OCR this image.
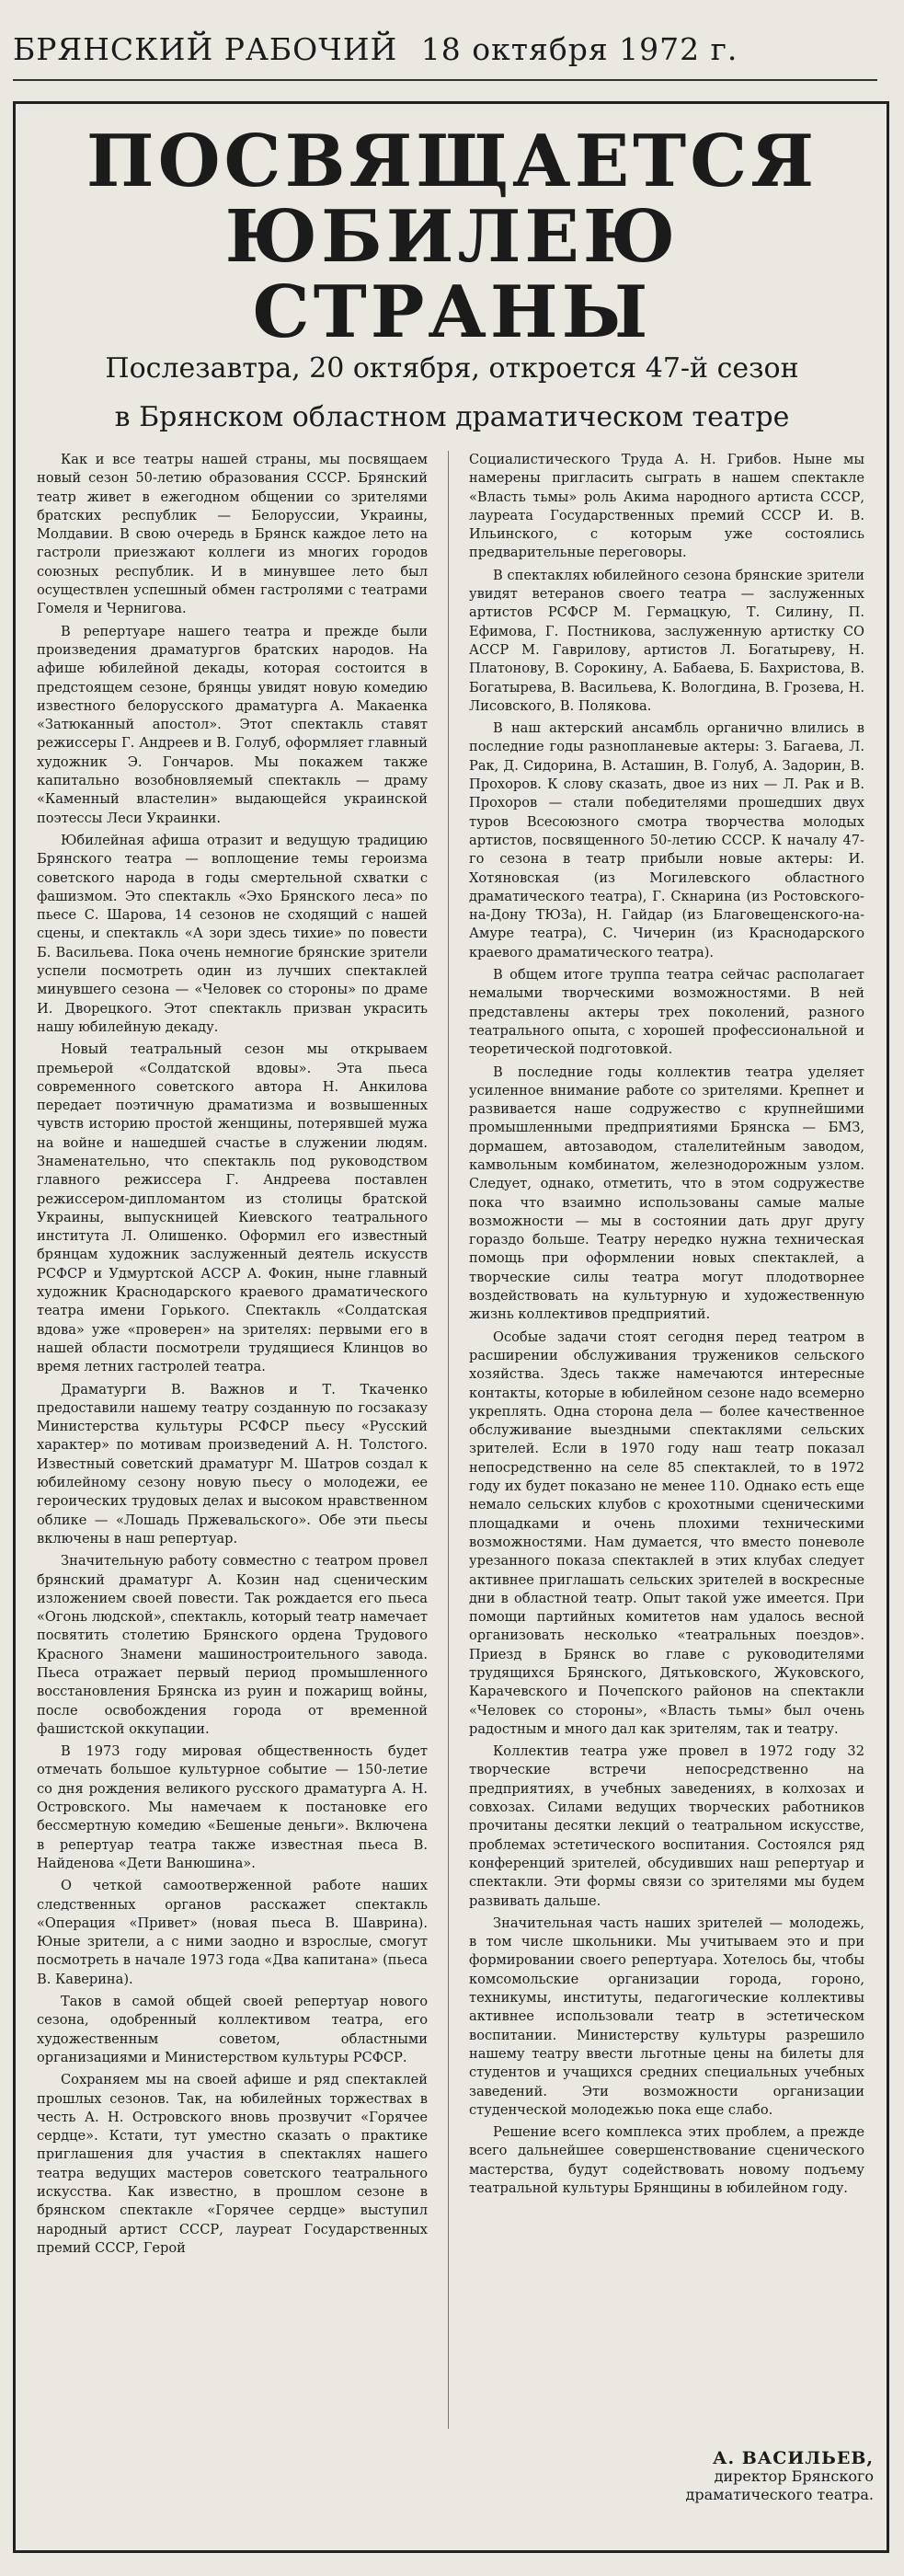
БРЯНСКИЙ РАБОЧИЙ 18 октября 1972 г.
ПОСВЯЩАЕТСЯ
ЮБИЛЕЮ СТРАНЫ
Послезавтра, 20 октября, откроется 47-й сезон
в Брянском областном драматическом театре

Как и все театры нашей страны, мы посвящаем новый сезон 50-летию образования СССР. Брянский театр живет в ежегодном общении со зрителями братских республик — Белоруссии, Украины, Молдавии. В свою очередь в Брянск каждое лето на гастроли приезжают коллеги из многих городов союзных республик. И в минувшее лето был осуществлен успешный обмен гастролями с театрами Гомеля и Чернигова.

В репертуаре нашего театра и прежде были произведения драматургов братских народов. На афише юбилейной декады, которая состоится в предстоящем сезоне, брянцы увидят новую комедию известного белорусского драматурга А. Макаенка «Затюканный апостол». Этот спектакль ставят режиссеры Г. Андреев и В. Голуб, оформляет главный художник Э. Гончаров. Мы покажем также капитально возобновляемый спектакль — драму «Каменный властелин» выдающейся украинской поэтессы Леси Украинки.

Юбилейная афиша отразит и ведущую традицию Брянского театра — воплощение темы героизма советского народа в годы смертельной схватки с фашизмом. Это спектакль «Эхо Брянского леса» по пьесе С. Шарова, 14 сезонов не сходящий с нашей сцены, и спектакль «А зори здесь тихие» по повести Б. Васильева. Пока очень немногие брянские зрители успели посмотреть один из лучших спектаклей минувшего сезона — «Человек со стороны» по драме И. Дворецкого. Этот спектакль призван украсить нашу юбилейную декаду.

Новый театральный сезон мы открываем премьерой «Солдатской вдовы». Эта пьеса современного советского автора Н. Анкилова передает поэтичную драматизма и возвышенных чувств историю простой женщины, потерявшей мужа на войне и нашедшей счастье в служении людям. Знаменательно, что спектакль под руководством главного режиссера Г. Андреева поставлен режиссером-дипломантом из столицы братской Украины, выпускницей Киевского театрального института Л. Олишенко. Оформил его известный брянцам художник заслуженный деятель искусств РСФСР и Удмуртской АССР А. Фокин, ныне главный художник Краснодарского краевого драматического театра имени Горького. Спектакль «Солдатская вдова» уже «проверен» на зрителях: первыми его в нашей области посмотрели трудящиеся Клинцов во время летних гастролей театра.

Драматурги В. Важнов и Т. Ткаченко предоставили нашему театру созданную по госзаказу Министерства культуры РСФСР пьесу «Русский характер» по мотивам произведений А. Н. Толстого. Известный советский драматург М. Шатров создал к юбилейному сезону новую пьесу о молодежи, ее героических трудовых делах и высоком нравственном облике — «Лошадь Пржевальского». Обе эти пьесы включены в наш репертуар.

Значительную работу совместно с театром провел брянский драматург А. Козин над сценическим изложением своей повести. Так рождается его пьеса «Огонь людской», спектакль, который театр намечает посвятить столетию Брянского ордена Трудового Красного Знамени машиностроительного завода. Пьеса отражает первый период промышленного восстановления Брянска из руин и пожарищ войны, после освобождения города от временной фашистской оккупации.

В 1973 году мировая общественность будет отмечать большое культурное событие — 150-летие со дня рождения великого русского драматурга А. Н. Островского. Мы намечаем к постановке его бессмертную комедию «Бешеные деньги». Включена в репертуар театра также известная пьеса В. Найденова «Дети Ванюшина».

О четкой самоотверженной работе наших следственных органов расскажет спектакль «Операция «Привет» (новая пьеса В. Шаврина). Юные зрители, а с ними заодно и взрослые, смогут посмотреть в начале 1973 года «Два капитана» (пьеса В. Каверина).

Таков в самой общей своей репертуар нового сезона, одобренный коллективом театра, его художественным советом, областными организациями и Министерством культуры РСФСР.

Сохраняем мы на своей афише и ряд спектаклей прошлых сезонов. Так, на юбилейных торжествах в честь А. Н. Островского вновь прозвучит «Горячее сердце». Кстати, тут уместно сказать о практике приглашения для участия в спектаклях нашего театра ведущих мастеров советского театрального искусства. Как известно, в прошлом сезоне в брянском спектакле «Горячее сердце» выступил народный артист СССР, лауреат Государственных премий СССР, Герой

Социалистического Труда А. Н. Грибов. Ныне мы намерены пригласить сыграть в нашем спектакле «Власть тьмы» роль Акима народного артиста СССР, лауреата Государственных премий СССР И. В. Ильинского, с которым уже состоялись предварительные переговоры.

В спектаклях юбилейного сезона брянские зрители увидят ветеранов своего театра — заслуженных артистов РСФСР М. Гермацкую, Т. Силину, П. Ефимова, Г. Постникова, заслуженную артистку СО АССР М. Гаврилову, артистов Л. Богатыреву, Н. Платонову, В. Сорокину, А. Бабаева, Б. Бахристова, В. Богатырева, В. Васильева, К. Вологдина, В. Грозева, Н. Лисовского, В. Полякова.

В наш актерский ансамбль органично влились в последние годы разнопланевые актеры: З. Багаева, Л. Рак, Д. Сидорина, В. Асташин, В. Голуб, А. Задорин, В. Прохоров. К слову сказать, двое из них — Л. Рак и В. Прохоров — стали победителями прошедших двух туров Всесоюзного смотра творчества молодых артистов, посвященного 50-летию СССР. К началу 47-го сезона в театр прибыли новые актеры: И. Хотяновская (из Могилевского областного драматического театра), Г. Скнарина (из Ростовского-на-Дону ТЮЗа), Н. Гайдар (из Благовещенского-на-Амуре театра), С. Чичерин (из Краснодарского краевого драматического театра).

В общем итоге труппа театра сейчас располагает немалыми творческими возможностями. В ней представлены актеры трех поколений, разного театрального опыта, с хорошей профессиональной и теоретической подготовкой.

В последние годы коллектив театра уделяет усиленное внимание работе со зрителями. Крепнет и развивается наше содружество с крупнейшими промышленными предприятиями Брянска — БМЗ, дормашем, автозаводом, сталелитейным заводом, камвольным комбинатом, железнодорожным узлом. Следует, однако, отметить, что в этом содружестве пока что взаимно использованы самые малые возможности — мы в состоянии дать друг другу гораздо больше. Театру нередко нужна техническая помощь при оформлении новых спектаклей, а творческие силы театра могут плодотворнее воздействовать на культурную и художественную жизнь коллективов предприятий.

Особые задачи стоят сегодня перед театром в расширении обслуживания тружеников сельского хозяйства. Здесь также намечаются интересные контакты, которые в юбилейном сезоне надо всемерно укреплять. Одна сторона дела — более качественное обслуживание выездными спектаклями сельских зрителей. Если в 1970 году наш театр показал непосредственно на селе 85 спектаклей, то в 1972 году их будет показано не менее 110. Однако есть еще немало сельских клубов с крохотными сценическими площадками и очень плохими техническими возможностями. Нам думается, что вместо поневоле урезанного показа спектаклей в этих клубах следует активнее приглашать сельских зрителей в воскресные дни в областной театр. Опыт такой уже имеется. При помощи партийных комитетов нам удалось весной организовать несколько «театральных поездов». Приезд в Брянск во главе с руководителями трудящихся Брянского, Дятьковского, Жуковского, Карачевского и Почепского районов на спектакли «Человек со стороны», «Власть тьмы» был очень радостным и много дал как зрителям, так и театру.

Коллектив театра уже провел в 1972 году 32 творческие встречи непосредственно на предприятиях, в учебных заведениях, в колхозах и совхозах. Силами ведущих творческих работников прочитаны десятки лекций о театральном искусстве, проблемах эстетического воспитания. Состоялся ряд конференций зрителей, обсудивших наш репертуар и спектакли. Эти формы связи со зрителями мы будем развивать дальше.

Значительная часть наших зрителей — молодежь, в том числе школьники. Мы учитываем это и при формировании своего репертуара. Хотелось бы, чтобы комсомольские организации города, гороно, техникумы, институты, педагогические коллективы активнее использовали театр в эстетическом воспитании. Министерству культуры разрешило нашему театру ввести льготные цены на билеты для студентов и учащихся средних специальных учебных заведений. Эти возможности организации студенческой молодежью пока еще слабо.

Решение всего комплекса этих проблем, а прежде всего дальнейшее совершенствование сценического мастерства, будут содействовать новому подъему театральной культуры Брянщины в юбилейном году.

А. ВАСИЛЬЕВ,
директор Брянского
драматического театра.
